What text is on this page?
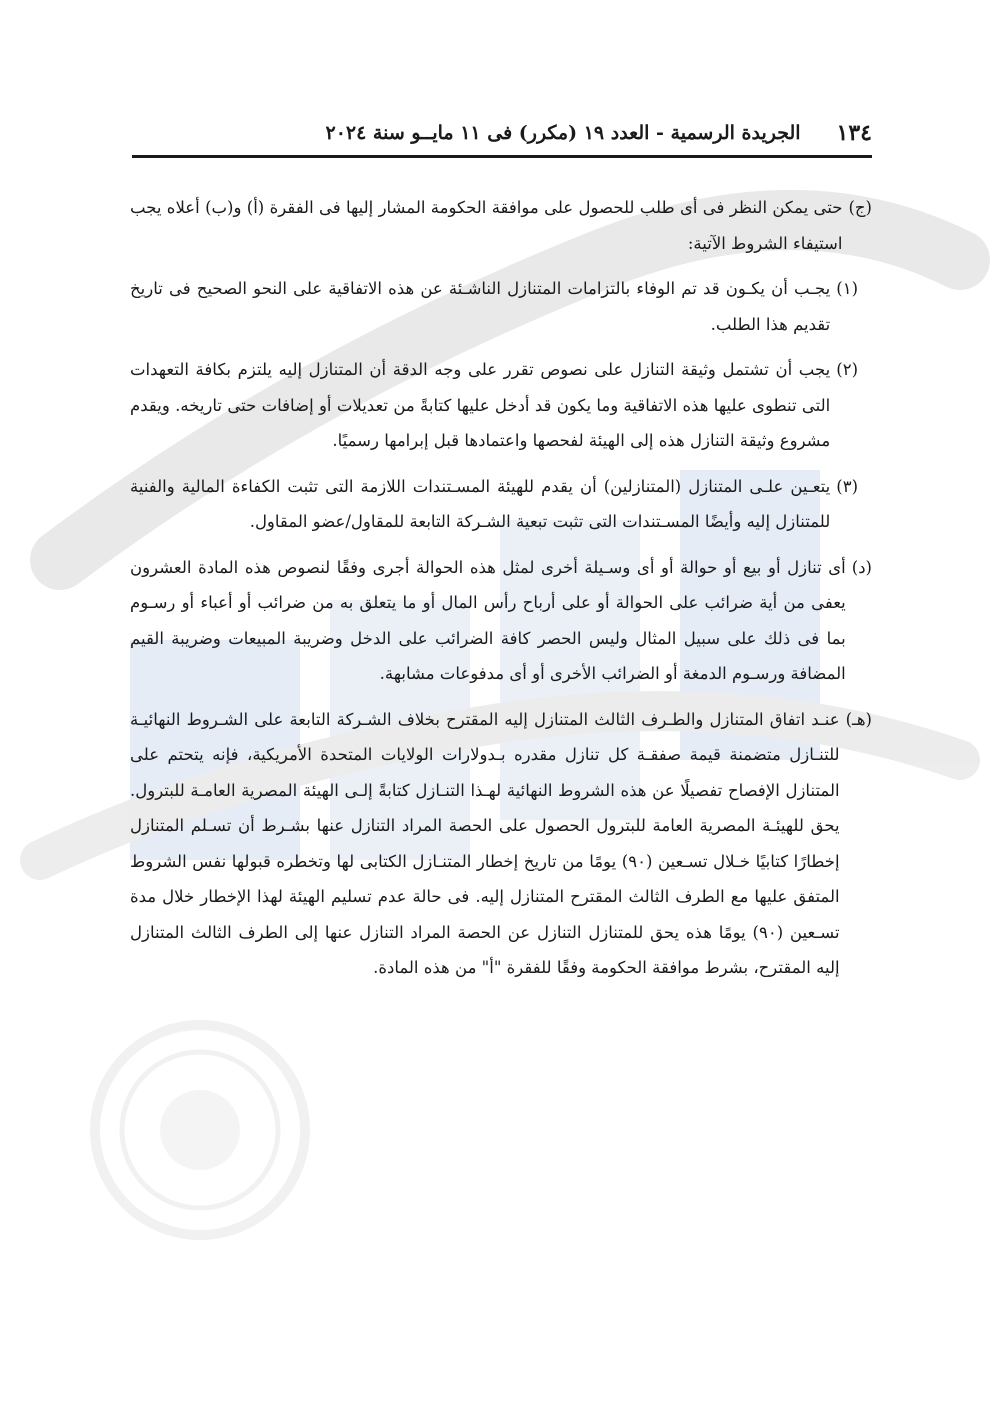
١٣٤
الجريدة الرسمية - العدد ١٩ (مكرر) فى ١١ مايــو سنة ٢٠٢٤
(ج)
حتى يمكن النظر فى أى طلب للحصول على موافقة الحكومة المشار إليها فى الفقرة (أ) و(ب) أعلاه يجب استيفاء الشروط الآتية:
(١)
يجـب أن يكـون قد تم الوفاء بالتزامات المتنازل الناشـئة عن هذه الاتفاقية على النحو الصحيح فى تاريخ تقديم هذا الطلب.
(٢)
يجب أن تشتمل وثيقة التنازل على نصوص تقرر على وجه الدقة أن المتنازل إليه يلتزم بكافة التعهدات التى تنطوى عليها هذه الاتفاقية وما يكون قد أدخل عليها كتابةً من تعديلات أو إضافات حتى تاريخه. ويقدم مشروع وثيقة التنازل هذه إلى الهيئة لفحصها واعتمادها قبل إبرامها رسميًا.
(٣)
يتعـين علـى المتنازل (المتنازلين) أن يقدم للهيئة المسـتندات اللازمة التى تثبت الكفاءة المالية والفنية للمتنازل إليه وأيضًا المسـتندات التى تثبت تبعية الشـركة التابعة للمقاول/عضو المقاول.
(د)
أى تنازل أو بيع أو حوالة أو أى وسـيلة أخرى لمثل هذه الحوالة أجرى وفقًا لنصوص هذه المادة العشرون يعفى من أية ضرائب على الحوالة أو على أرباح رأس المال أو ما يتعلق به من ضرائب أو أعباء أو رسـوم بما فى ذلك على سبيل المثال وليس الحصر كافة الضرائب على الدخل وضريبة المبيعات وضريبة القيم المضافة ورسـوم الدمغة أو الضرائب الأخرى أو أى مدفوعات مشابهة.
(هـ)
عنـد اتفاق المتنازل والطـرف الثالث المتنازل إليه المقترح بخلاف الشـركة التابعة على الشـروط النهائيـة للتنـازل متضمنة قيمة صفقـة كل تنازل مقدره بـدولارات الولايات المتحدة الأمريكية، فإنه يتحتم على المتنازل الإفصاح تفصيلًا عن هذه الشروط النهائية لهـذا التنـازل كتابةً إلـى الهيئة المصرية العامـة للبترول. يحق للهيئـة المصرية العامة للبترول الحصول على الحصة المراد التنازل عنها بشـرط أن تسـلم المتنازل إخطارًا كتابيًا خـلال تسـعين (٩٠) يومًا من تاريخ إخطار المتنـازل الكتابى لها وتخطره قبولها نفس الشروط المتفق عليها مع الطرف الثالث المقترح المتنازل إليه. فى حالة عدم تسليم الهيئة لهذا الإخطار خلال مدة تسـعين (٩٠) يومًا هذه يحق للمتنازل التنازل عن الحصة المراد التنازل عنها إلى الطرف الثالث المتنازل إليه المقترح، بشرط موافقة الحكومة وفقًا للفقرة "أ" من هذه المادة.
